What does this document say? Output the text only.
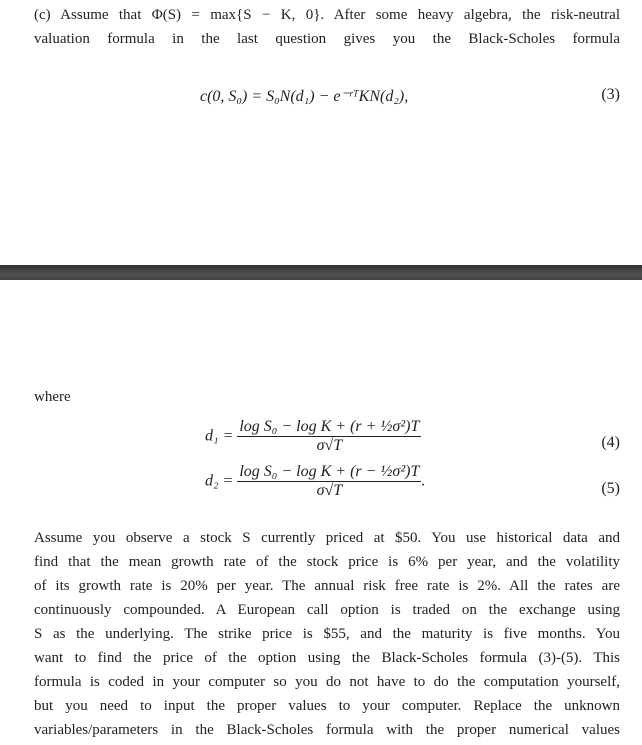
(c) Assume that Φ(S) = max{S − K, 0}. After some heavy algebra, the risk-neutral
valuation formula in the last question gives you the Black-Scholes formula
c(0, S₀) = S₀N(d₁) − e⁻ʳᵀKN(d₂),	(3)
where
$d_1 = \frac{\text{log S₀ − log K + (r + ½σ²)T}}{\sigma√T}$	(4)
$d_2 = \frac{\text{log S₀ − log K + (r − ½σ²)T}}{\sigma√T}$ .	(5)
Assume you observe a stock S currently priced at $50. You use historical data and
find that the mean growth rate of the stock price is 6% per year, and the volatility
of its growth rate is 20% per year. The annual risk free rate is 2%. All the rates are
continuously compounded. A European call option is traded on the exchange using
S as the underlying. The strike price is $55, and the maturity is five months. You
want to find the price of the option using the Black-Scholes formula (3)-(5). This
formula is coded in your computer so you do not have to do the computation yourself,
but you need to input the proper values to your computer. Replace the unknown
variables/parameters in the Black-Scholes formula with the proper numerical values
